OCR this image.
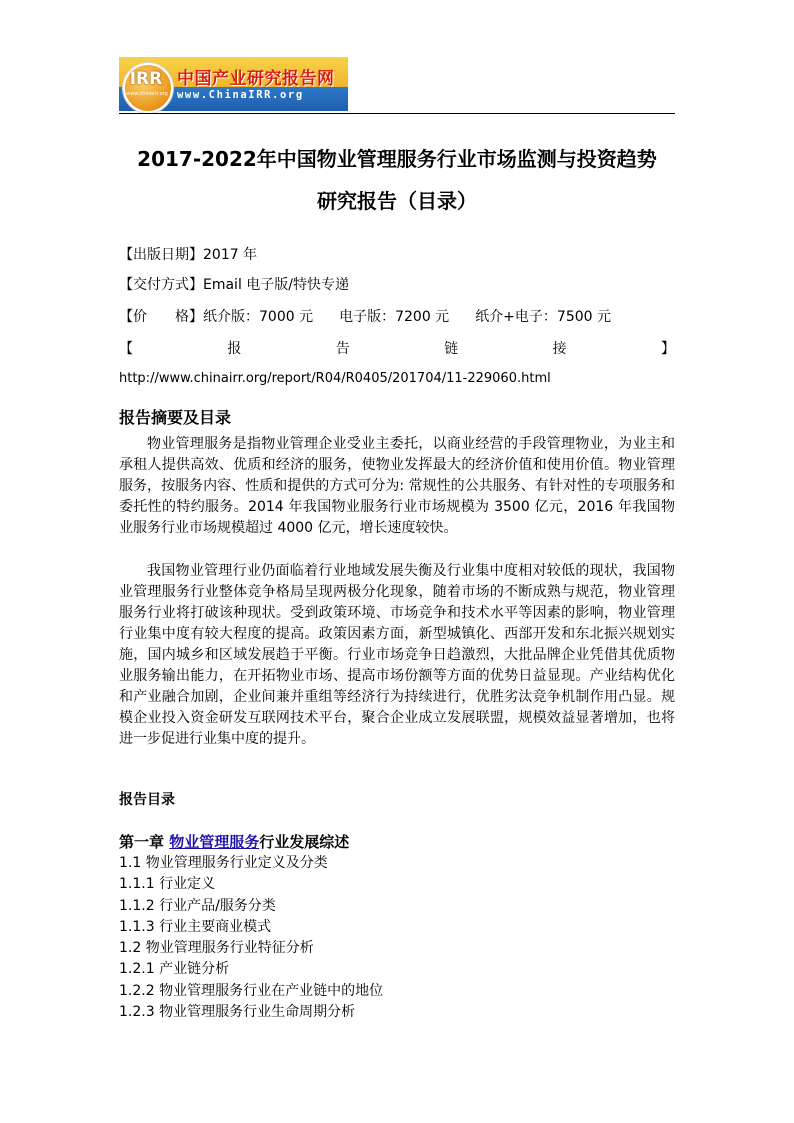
IRR
www.chinairr.org
中国产业研究报告网
www.ChinaIRR.org
2017-2022年中国物业管理服务行业市场监测与投资趋势
研究报告（目录）
【出版日期】2017 年
【交付方式】Email 电子版/特快专递
【价　　格】纸介版：7000 元 电子版：7200 元 纸介+电子：7500 元
【	报	告	链	接	】
http://www.chinairr.org/report/R04/R0405/201704/11-229060.html
报告摘要及目录

物业管理服务是指物业管理企业受业主委托，以商业经营的手段管理物业，为业主和承租人提供高效、优质和经济的服务，使物业发挥最大的经济价值和使用价值。物业管理服务，按服务内容、性质和提供的方式可分为: 常规性的公共服务、有针对性的专项服务和委托性的特约服务。2014 年我国物业服务行业市场规模为 3500 亿元，2016 年我国物业服务行业市场规模超过 4000 亿元，增长速度较快。

我国物业管理行业仍面临着行业地域发展失衡及行业集中度相对较低的现状，我国物业管理服务行业整体竞争格局呈现两极分化现象，随着市场的不断成熟与规范，物业管理服务行业将打破该种现状。受到政策环境、市场竞争和技术水平等因素的影响，物业管理行业集中度有较大程度的提高。政策因素方面，新型城镇化、西部开发和东北振兴规划实施，国内城乡和区域发展趋于平衡。行业市场竞争日趋激烈，大批品牌企业凭借其优质物业服务输出能力，在开拓物业市场、提高市场份额等方面的优势日益显现。产业结构优化和产业融合加剧，企业间兼并重组等经济行为持续进行，优胜劣汰竞争机制作用凸显。规模企业投入资金研发互联网技术平台，聚合企业成立发展联盟，规模效益显著增加，也将进一步促进行业集中度的提升。

报告目录
第一章 物业管理服务行业发展综述
1.1 物业管理服务行业定义及分类
1.1.1 行业定义
1.1.2 行业产品/服务分类
1.1.3 行业主要商业模式
1.2 物业管理服务行业特征分析
1.2.1 产业链分析
1.2.2 物业管理服务行业在产业链中的地位
1.2.3 物业管理服务行业生命周期分析
